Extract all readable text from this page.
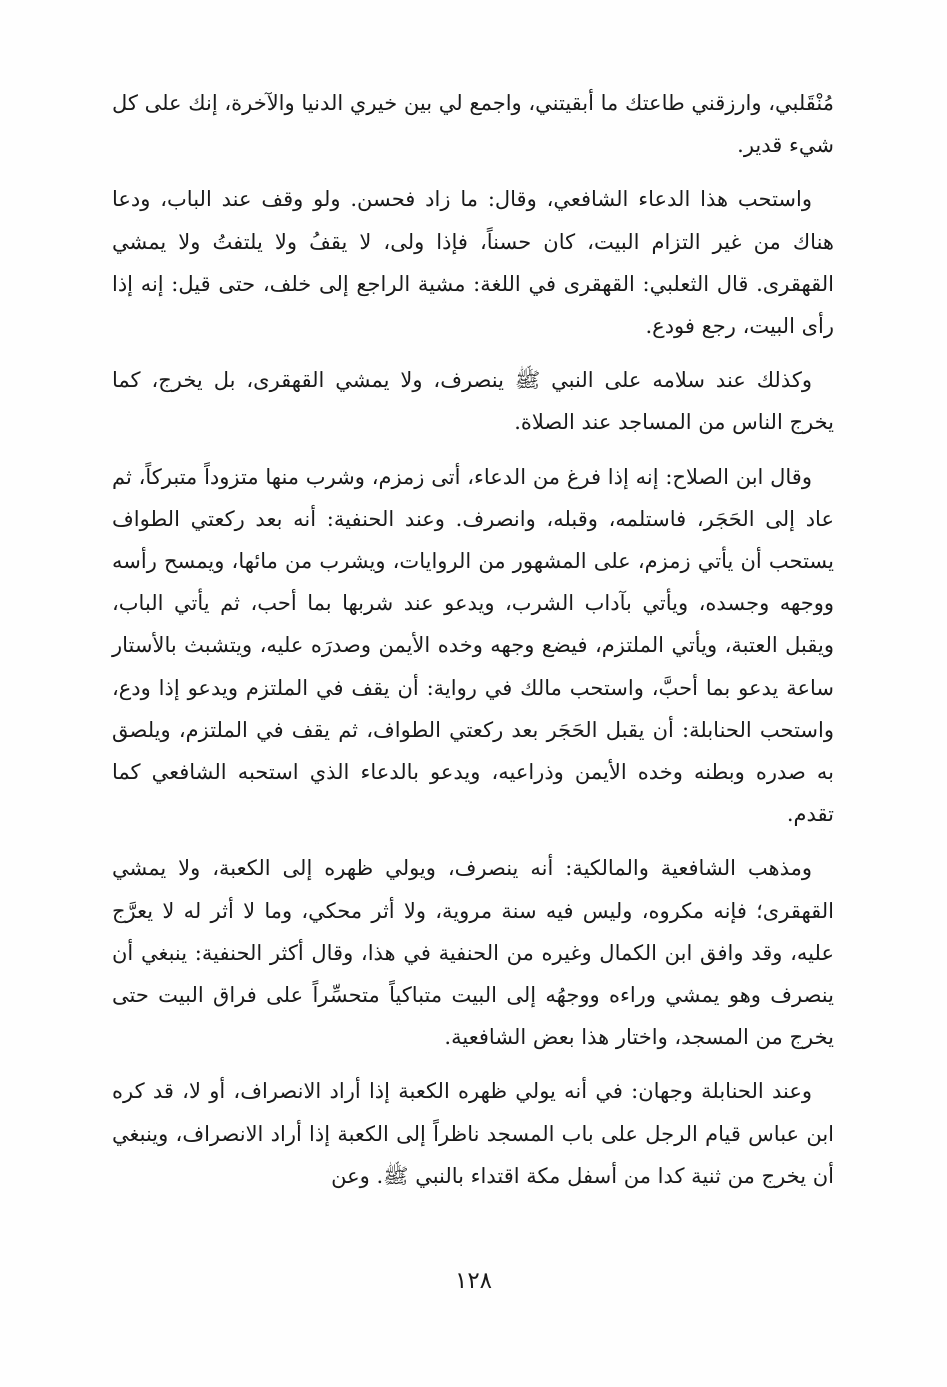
مُنْقَلبي، وارزقني طاعتك ما أبقيتني، واجمع لي بين خيري الدنيا والآخرة، إنك على كل شيء قدير.

واستحب هذا الدعاء الشافعي، وقال: ما زاد فحسن. ولو وقف عند الباب، ودعا هناك من غير التزام البيت، كان حسناً، فإذا ولى، لا يقفُ ولا يلتفتُ ولا يمشي القهقرى. قال الثعلبي: القهقرى في اللغة: مشية الراجع إلى خلف، حتى قيل: إنه إذا رأى البيت، رجع فودع.

وكذلك عند سلامه على النبي ﷺ ينصرف، ولا يمشي القهقرى، بل يخرج، كما يخرج الناس من المساجد عند الصلاة.

وقال ابن الصلاح: إنه إذا فرغ من الدعاء، أتى زمزم، وشرب منها متزوداً متبركاً، ثم عاد إلى الحَجَر، فاستلمه، وقبله، وانصرف. وعند الحنفية: أنه بعد ركعتي الطواف يستحب أن يأتي زمزم، على المشهور من الروايات، ويشرب من مائها، ويمسح رأسه ووجهه وجسده، ويأتي بآداب الشرب، ويدعو عند شربها بما أحب، ثم يأتي الباب، ويقبل العتبة، ويأتي الملتزم، فيضع وجهه وخده الأيمن وصدرَه عليه، ويتشبث بالأستار ساعة يدعو بما أحبَّ، واستحب مالك في رواية: أن يقف في الملتزم ويدعو إذا ودع، واستحب الحنابلة: أن يقبل الحَجَر بعد ركعتي الطواف، ثم يقف في الملتزم، ويلصق به صدره وبطنه وخده الأيمن وذراعيه، ويدعو بالدعاء الذي استحبه الشافعي كما تقدم.

ومذهب الشافعية والمالكية: أنه ينصرف، ويولي ظهره إلى الكعبة، ولا يمشي القهقرى؛ فإنه مكروه، وليس فيه سنة مروية، ولا أثر محكي، وما لا أثر له لا يعرَّج عليه، وقد وافق ابن الكمال وغيره من الحنفية في هذا، وقال أكثر الحنفية: ينبغي أن ينصرف وهو يمشي وراءه ووجهُه إلى البيت متباكياً متحسِّراً على فراق البيت حتى يخرج من المسجد، واختار هذا بعض الشافعية.

وعند الحنابلة وجهان: في أنه يولي ظهره الكعبة إذا أراد الانصراف، أو لا، قد كره ابن عباس قيام الرجل على باب المسجد ناظراً إلى الكعبة إذا أراد الانصراف، وينبغي أن يخرج من ثنية كدا من أسفل مكة اقتداء بالنبي ﷺ. وعن

١٢٨
